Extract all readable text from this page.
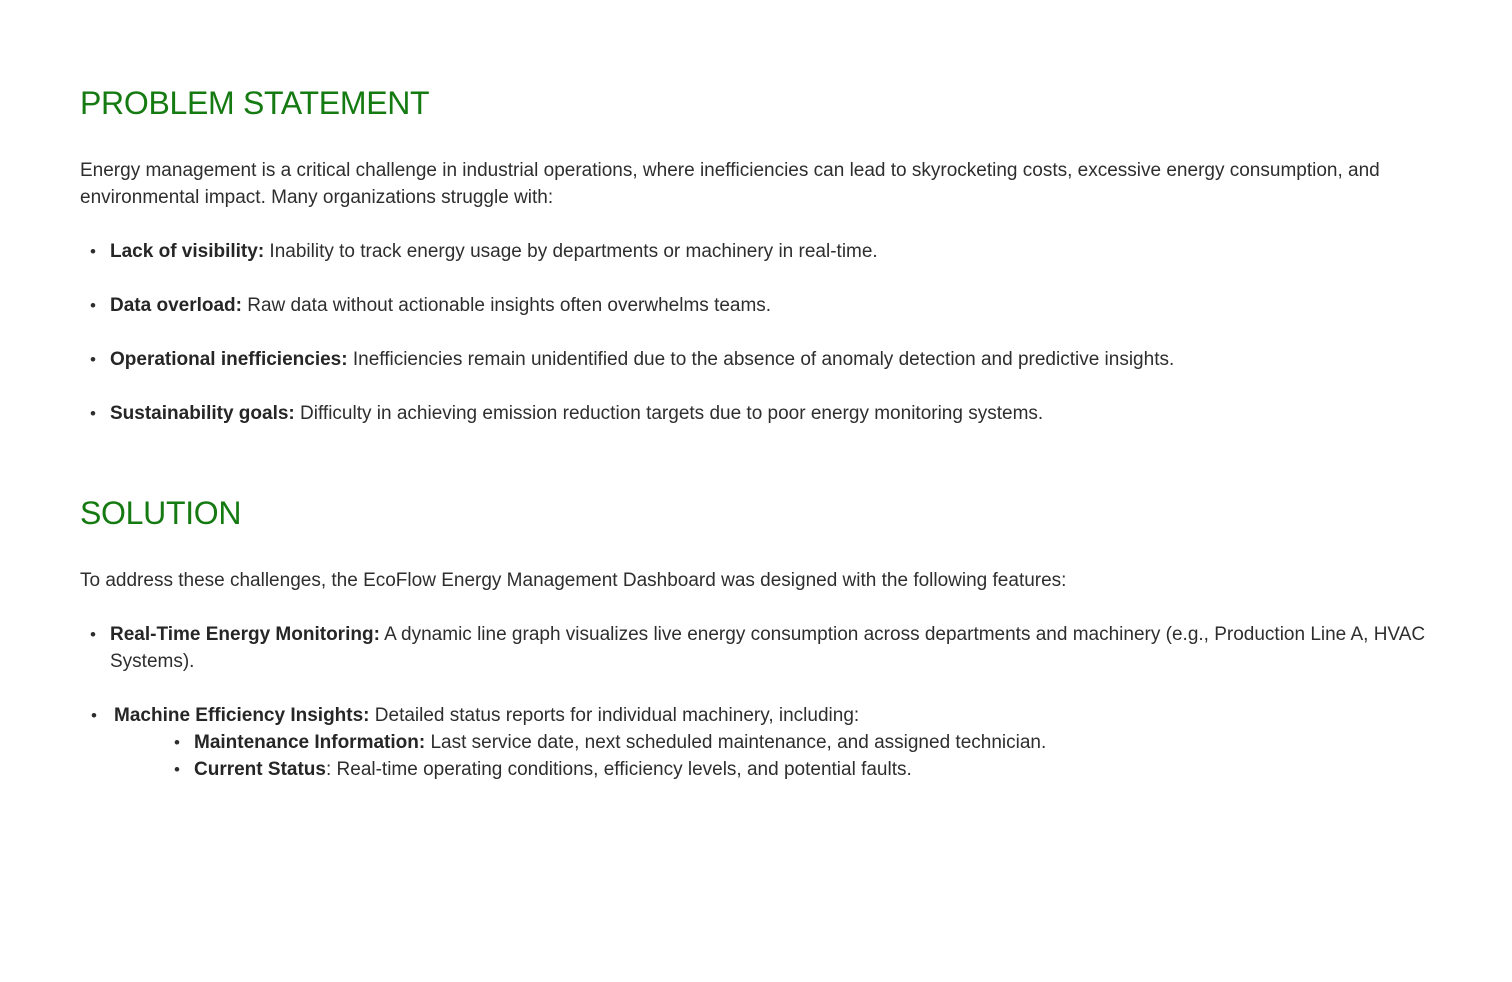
PROBLEM STATEMENT

Energy management is a critical challenge in industrial operations, where inefficiencies can lead to skyrocketing costs, excessive energy consumption, and environmental impact. Many organizations struggle with:

• Lack of visibility: Inability to track energy usage by departments or machinery in real-time.
• Data overload: Raw data without actionable insights often overwhelms teams.
• Operational inefficiencies: Inefficiencies remain unidentified due to the absence of anomaly detection and predictive insights.
• Sustainability goals: Difficulty in achieving emission reduction targets due to poor energy monitoring systems.
SOLUTION

To address these challenges, the EcoFlow Energy Management Dashboard was designed with the following features:

• Real-Time Energy Monitoring: A dynamic line graph visualizes live energy consumption across departments and machinery (e.g., Production Line A, HVAC Systems).
• Machine Efficiency Insights: Detailed status reports for individual machinery, including:
• Maintenance Information: Last service date, next scheduled maintenance, and assigned technician.
• Current Status: Real-time operating conditions, efficiency levels, and potential faults.
